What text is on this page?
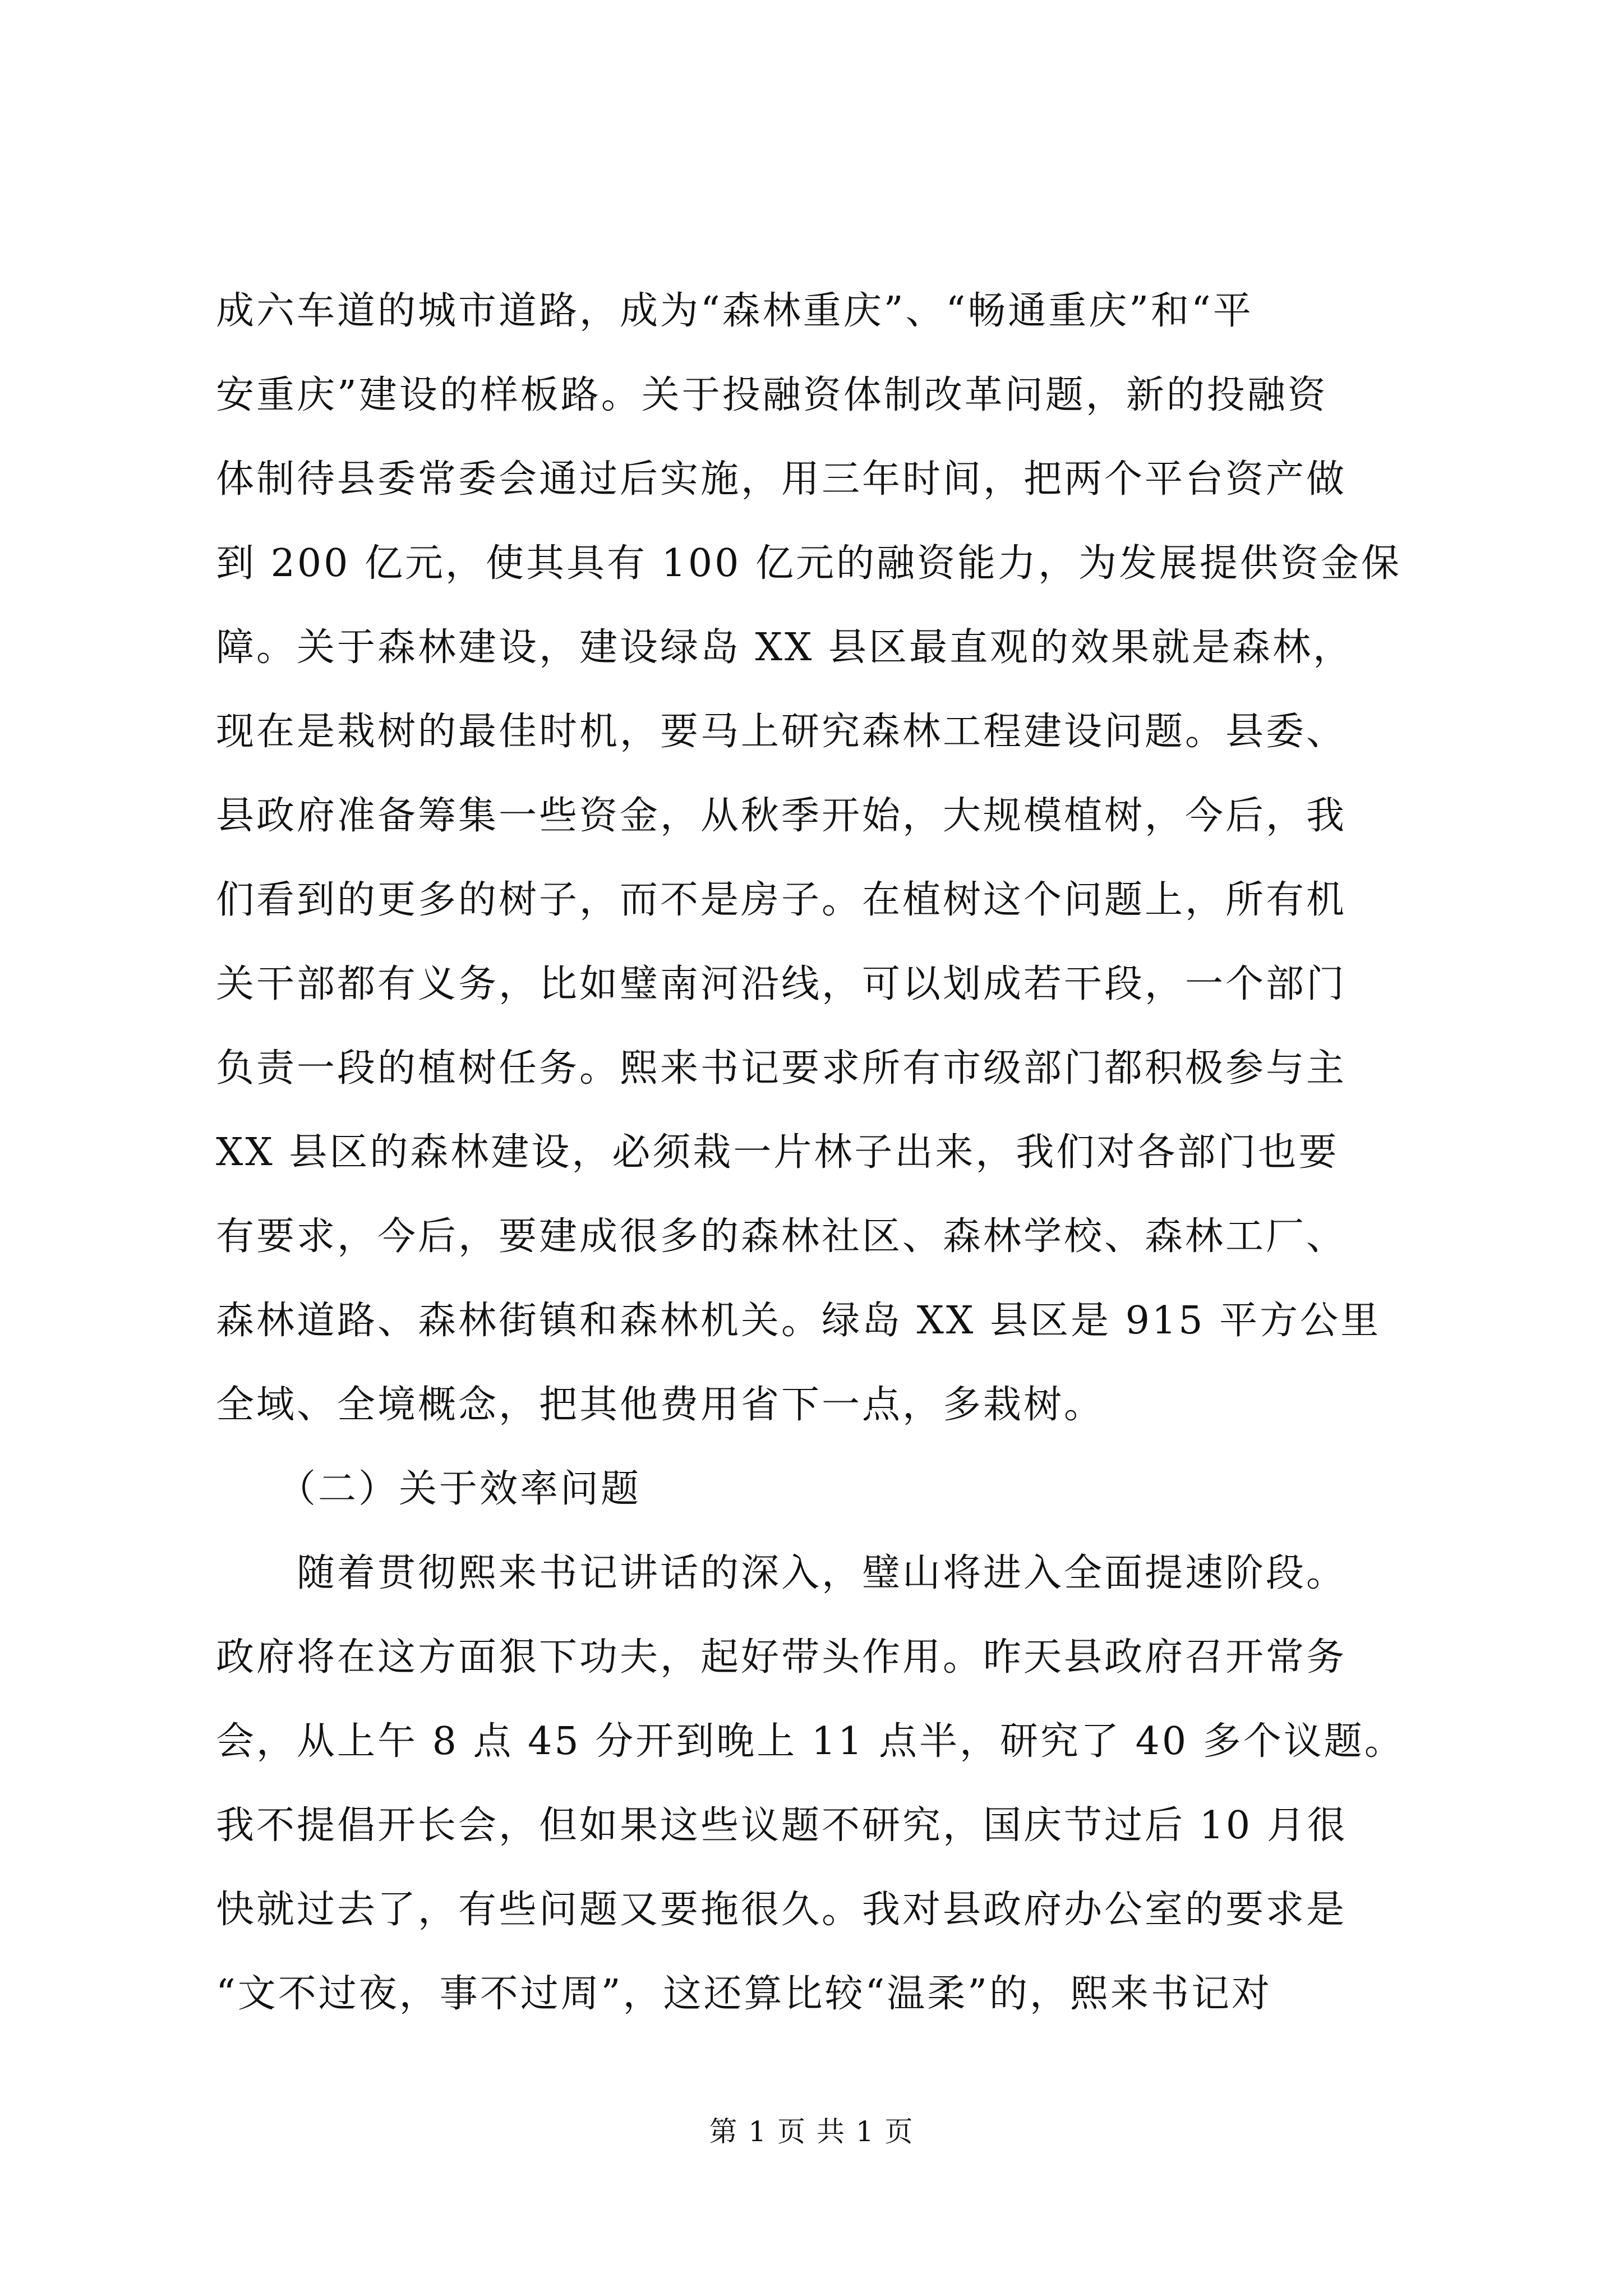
成六车道的城市道路，成为“森林重庆”、“畅通重庆”和“平
安重庆”建设的样板路。关于投融资体制改革问题，新的投融资
体制待县委常委会通过后实施，用三年时间，把两个平台资产做
到 200 亿元，使其具有 100 亿元的融资能力，为发展提供资金保
障。关于森林建设，建设绿岛 XX 县区最直观的效果就是森林，
现在是栽树的最佳时机，要马上研究森林工程建设问题。县委、
县政府准备筹集一些资金，从秋季开始，大规模植树，今后，我
们看到的更多的树子，而不是房子。在植树这个问题上，所有机
关干部都有义务，比如璧南河沿线，可以划成若干段，一个部门
负责一段的植树任务。熙来书记要求所有市级部门都积极参与主
XX 县区的森林建设，必须栽一片林子出来，我们对各部门也要
有要求，今后，要建成很多的森林社区、森林学校、森林工厂、
森林道路、森林街镇和森林机关。绿岛 XX 县区是 915 平方公里
全域、全境概念，把其他费用省下一点，多栽树。
　　（二）关于效率问题
　　随着贯彻熙来书记讲话的深入，璧山将进入全面提速阶段。
政府将在这方面狠下功夫，起好带头作用。昨天县政府召开常务
会，从上午 8 点 45 分开到晚上 11 点半，研究了 40 多个议题。
我不提倡开长会，但如果这些议题不研究，国庆节过后 10 月很
快就过去了，有些问题又要拖很久。我对县政府办公室的要求是
“文不过夜，事不过周”，这还算比较“温柔”的，熙来书记对
第 1 页 共 1 页
